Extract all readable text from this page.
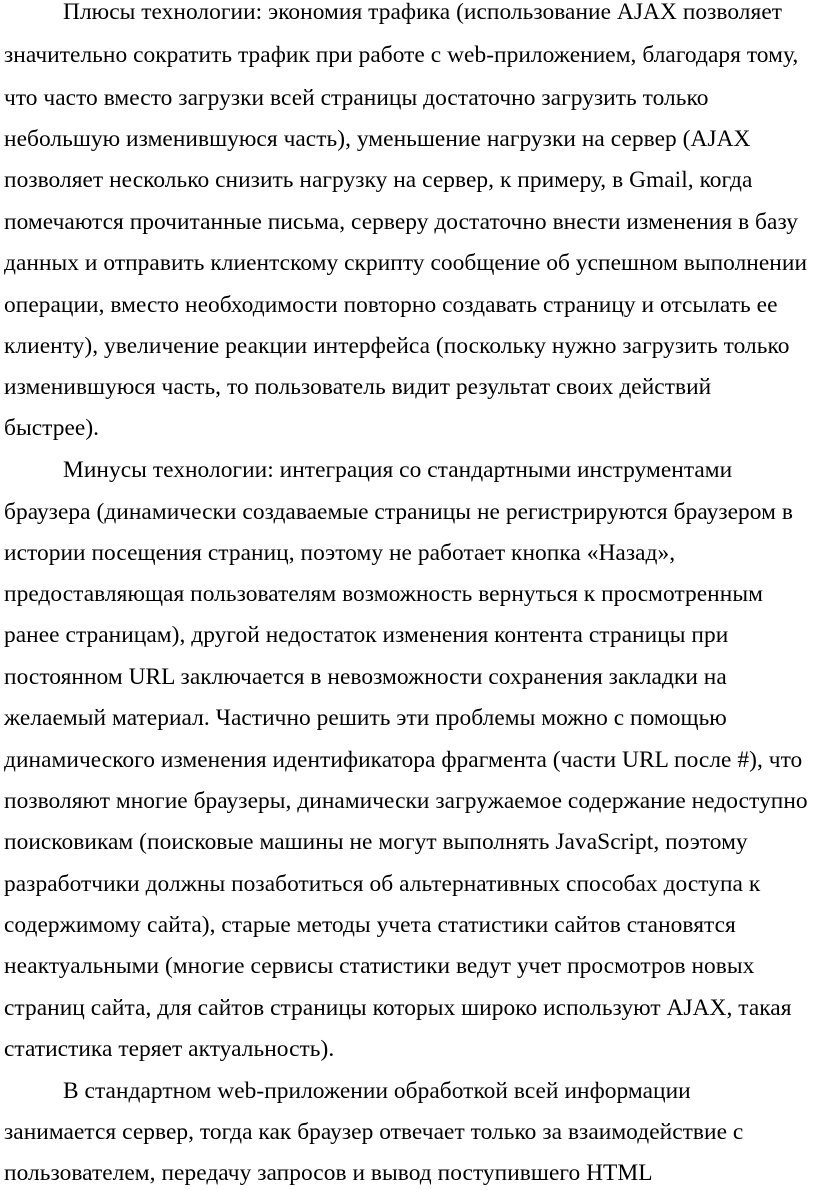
Плюсы технологии: экономия трафика (использование AJAX позволяет
значительно сократить трафик при работе с web-приложением, благодаря тому,
что часто вместо загрузки всей страницы достаточно загрузить только
небольшую изменившуюся часть), уменьшение нагрузки на сервер (AJAX
позволяет несколько снизить нагрузку на сервер, к примеру, в Gmail, когда
помечаются прочитанные письма, серверу достаточно внести изменения в базу
данных и отправить клиентскому скрипту сообщение об успешном выполнении
операции, вместо необходимости повторно создавать страницу и отсылать ее
клиенту), увеличение реакции интерфейса (поскольку нужно загрузить только
изменившуюся часть, то пользователь видит результат своих действий
быстрее).
Минусы технологии: интеграция со стандартными инструментами
браузера (динамически создаваемые страницы не регистрируются браузером в
истории посещения страниц, поэтому не работает кнопка «Назад»,
предоставляющая пользователям возможность вернуться к просмотренным
ранее страницам), другой недостаток изменения контента страницы при
постоянном URL заключается в невозможности сохранения закладки на
желаемый материал. Частично решить эти проблемы можно с помощью
динамического изменения идентификатора фрагмента (части URL после #), что
позволяют многие браузеры, динамически загружаемое содержание недоступно
поисковикам (поисковые машины не могут выполнять JavaScript, поэтому
разработчики должны позаботиться об альтернативных способах доступа к
содержимому сайта), старые методы учета статистики сайтов становятся
неактуальными (многие сервисы статистики ведут учет просмотров новых
страниц сайта, для сайтов страницы которых широко используют AJAX, такая
статистика теряет актуальность).
В стандартном web-приложении обработкой всей информации
занимается сервер, тогда как браузер отвечает только за взаимодействие с
пользователем, передачу запросов и вывод поступившего HTML
